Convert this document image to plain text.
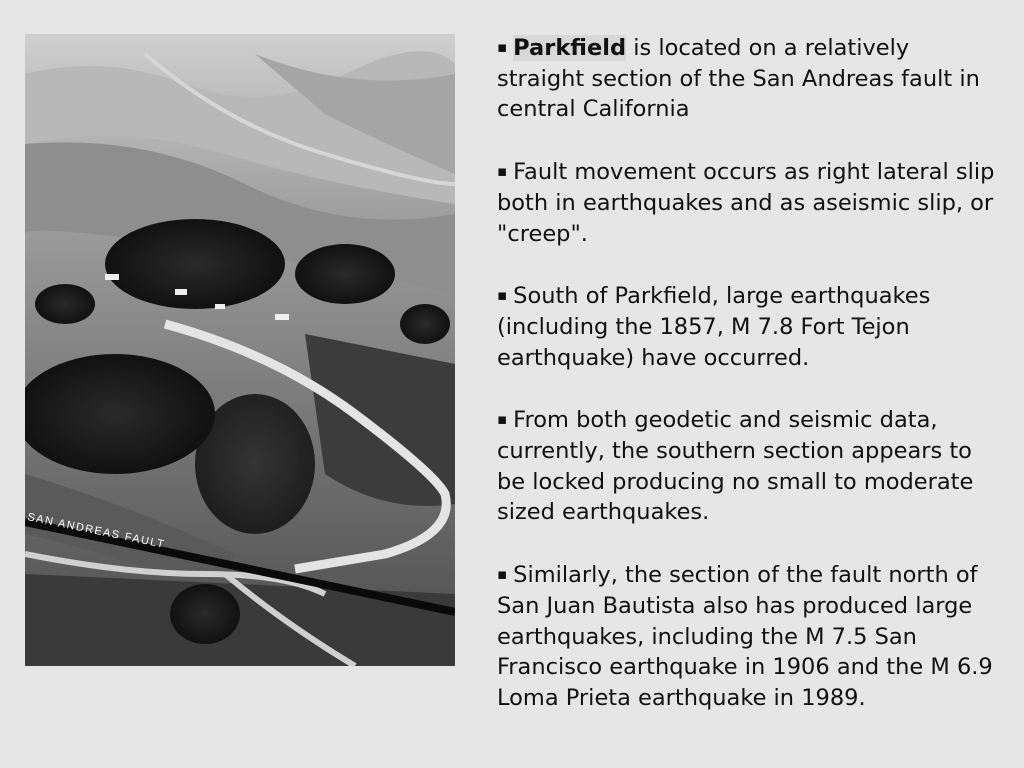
SAN ANDREAS FAULT

▪ Parkfield is located on a relatively straight section of the San Andreas fault in central California

▪ Fault movement occurs as right lateral slip both in earthquakes and as aseismic slip, or "creep".

▪ South of Parkfield, large earthquakes (including the 1857, M 7.8 Fort Tejon earthquake) have occurred.

▪ From both geodetic and seismic data, currently, the southern section appears to be locked producing no small to moderate sized earthquakes.

▪ Similarly, the section of the fault north of San Juan Bautista also has produced large earthquakes, including the M 7.5 San Francisco earthquake in 1906 and the M 6.9 Loma Prieta earthquake in 1989.
